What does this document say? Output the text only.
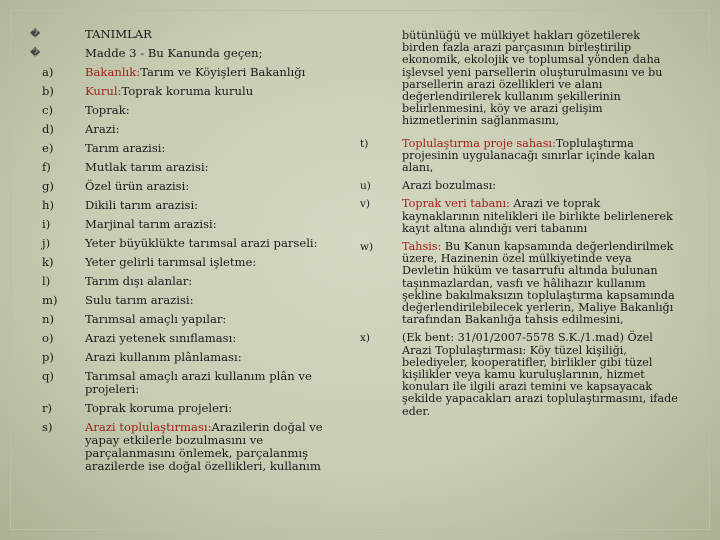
�	TANIMLAR
�	Madde 3 - Bu Kanunda geçen;
a)	Bakanlık:Tarım ve Köyişleri Bakanlığı
b)	Kurul:Toprak koruma kurulu
c)	Toprak:
d)	Arazi:
e)	Tarım arazisi:
f)	Mutlak tarım arazisi:
g)	Özel ürün arazisi:
h)	Dikili tarım arazisi:
i)	Marjinal tarım arazisi:
j)	Yeter büyüklükte tarımsal arazi parseli:
k)	Yeter gelirli tarımsal işletme:
l)	Tarım dışı alanlar:
m)	Sulu tarım arazisi:
n)	Tarımsal amaçlı yapılar:
o)	Arazi yetenek sınıflaması:
p)	Arazi kullanım plânlaması:
q)	Tarımsal amaçlı arazi kullanım plân ve projeleri:
r)	Toprak koruma projeleri:
s)	Arazi toplulaştırması:Arazilerin doğal ve yapay etkilerle bozulmasını ve parçalanmasını önlemek, parçalanmış arazilerde ise doğal özellikleri, kullanım
bütünlüğü ve mülkiyet hakları gözetilerek birden fazla arazi parçasının birleştirilip ekonomik, ekolojik ve toplumsal yönden daha işlevsel yeni parsellerin oluşturulmasını ve bu parsellerin arazi özellikleri ve alanı değerlendirilerek kullanım şekillerinin belirlenmesini, köy ve arazi gelişim hizmetlerinin sağlanmasını,
t)	Toplulaştırma proje sahası:Toplulaştırma projesinin uygulanacağı sınırlar içinde kalan alanı,
u)	Arazi bozulması:
v)	Toprak veri tabanı: Arazi ve toprak kaynaklarının nitelikleri ile birlikte belirlenerek kayıt altına alındığı veri tabanını
w)	Tahsis: Bu Kanun kapsamında değerlendirilmek üzere, Hazinenin özel mülkiyetinde veya Devletin hüküm ve tasarrufu altında bulunan taşınmazlardan, vasfı ve hâlihazır kullanım şekline bakılmaksızın toplulaştırma kapsamında değerlendirilebilecek yerlerin, Maliye Bakanlığı tarafından Bakanlığa tahsis edilmesini,
x)	(Ek bent: 31/01/2007-5578 S.K./1.mad) Özel Arazi Toplulaştırması: Köy tüzel kişiliği, belediyeler, kooperatifler, birlikler gibi tüzel kişilikler veya kamu kuruluşlarının, hizmet konuları ile ilgili arazi temini ve kapsayacak şekilde yapacakları arazi toplulaştırmasını, ifade eder.
